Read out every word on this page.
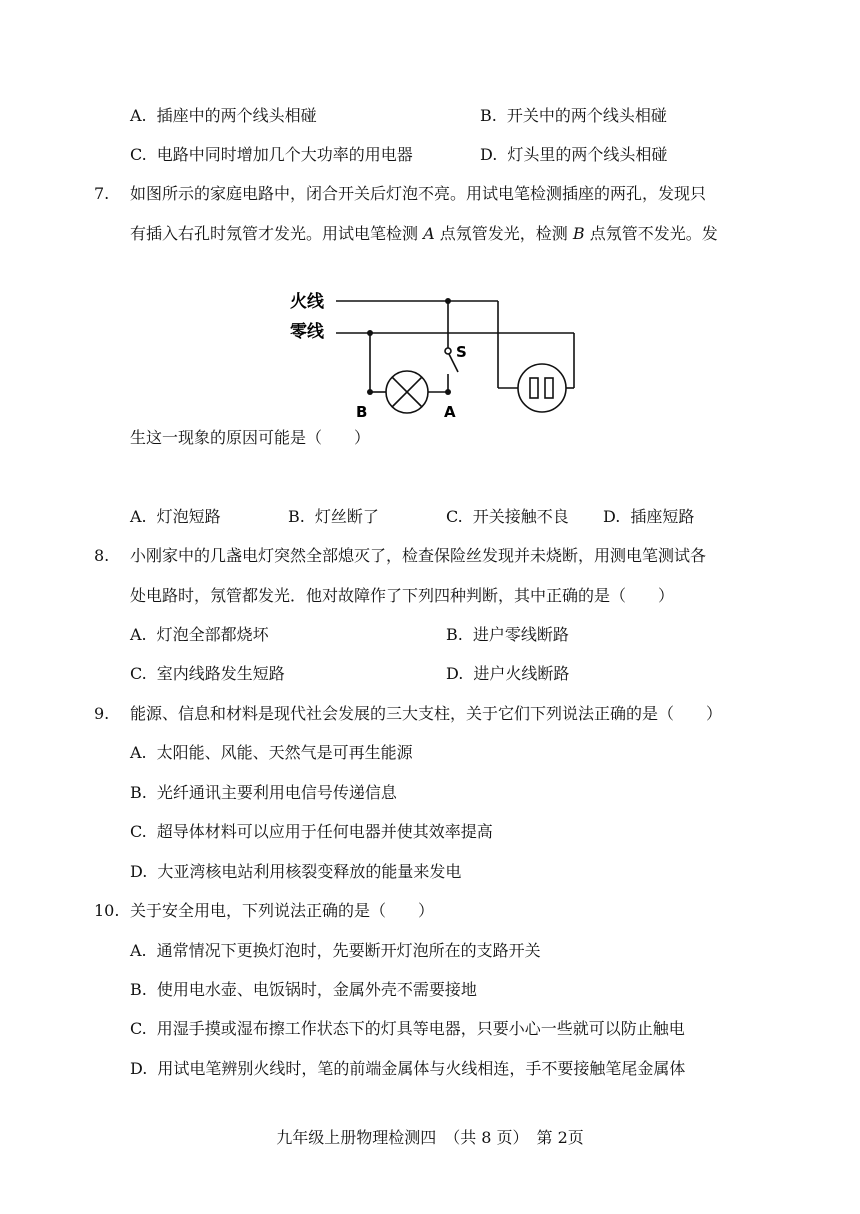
A. 插座中的两个线头相碰	B. 开关中的两个线头相碰
C. 电路中同时增加几个大功率的用电器	D. 灯头里的两个线头相碰
7. 如图所示的家庭电路中，闭合开关后灯泡不亮。用试电笔检测插座的两孔，发现只
有插入右孔时氖管才发光。用试电笔检测 A 点氖管发光，检测 B 点氖管不发光。发
火线
零线
S
B	A
生这一现象的原因可能是（　　）
A. 灯泡短路	B. 灯丝断了	C. 开关接触不良 D. 插座短路
8. 小刚家中的几盏电灯突然全部熄灭了，检查保险丝发现并未烧断，用测电笔测试各
处电路时，氖管都发光．他对故障作了下列四种判断，其中正确的是（　　）
A. 灯泡全部都烧坏	B. 进户零线断路
C. 室内线路发生短路	D. 进户火线断路
9. 能源、信息和材料是现代社会发展的三大支柱，关于它们下列说法正确的是（　　）
A. 太阳能、风能、天然气是可再生能源
B. 光纤通讯主要利用电信号传递信息
C. 超导体材料可以应用于任何电器并使其效率提高
D. 大亚湾核电站利用核裂变释放的能量来发电
10. 关于安全用电，下列说法正确的是（　　）
A. 通常情况下更换灯泡时，先要断开灯泡所在的支路开关
B. 使用电水壶、电饭锅时，金属外壳不需要接地
C. 用湿手摸或湿布擦工作状态下的灯具等电器，只要小心一些就可以防止触电
D. 用试电笔辨别火线时，笔的前端金属体与火线相连，手不要接触笔尾金属体
九年级上册物理检测四　（共 8 页）　第 2页
